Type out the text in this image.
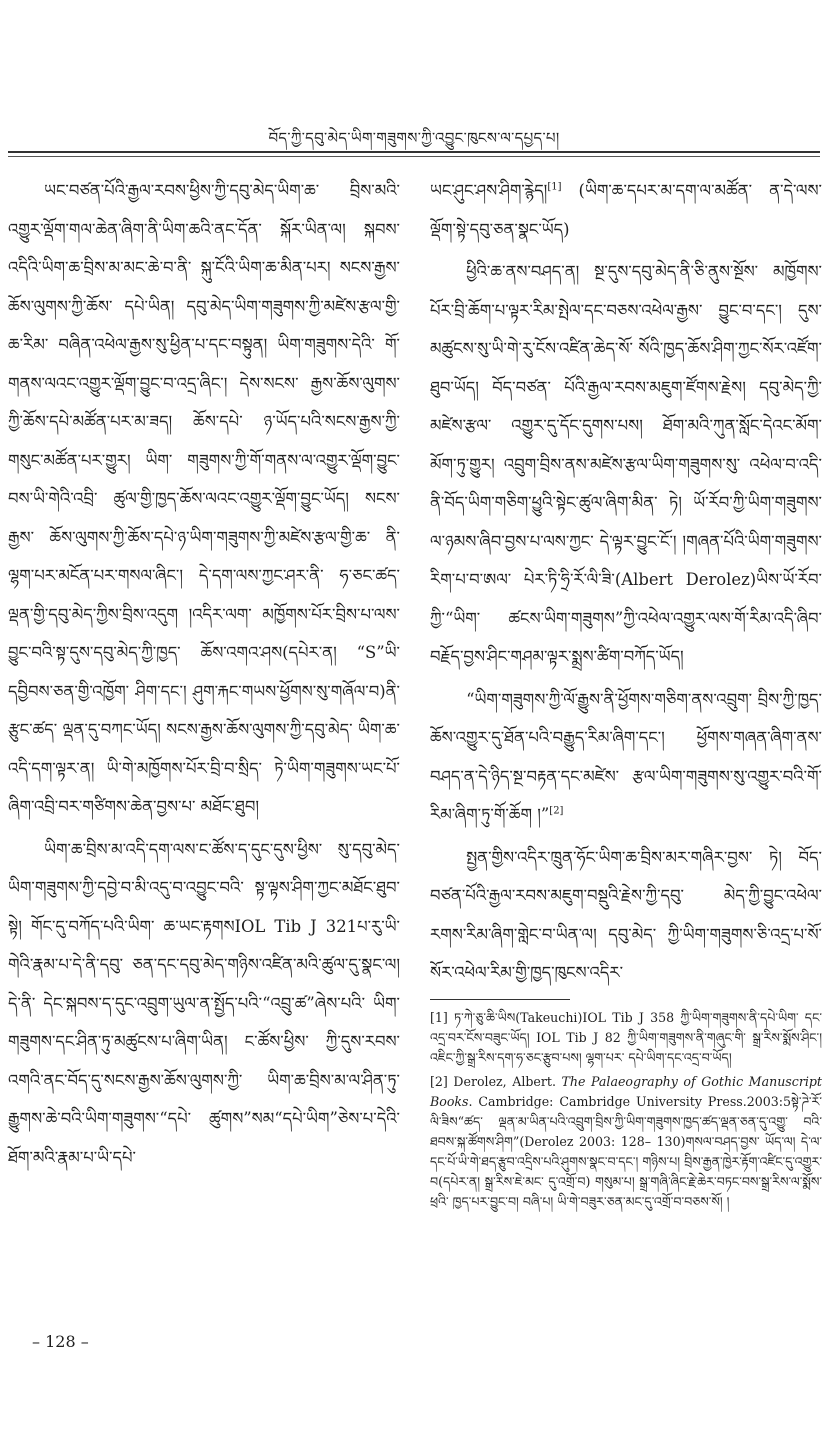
བོད་ཀྱི་དབུ་མེད་ཡིག་གཟུགས་ཀྱི་འབྱུང་ཁུངས་ལ་དཔྱད་པ།

ཡང་བཙན་པོའི་རྒྱལ་རབས་ཕྱིས་ཀྱི་དབུ་མེད་ཡིག་ཆ་ བྲིས་མའི་འགྱུར་ལྡོག་གལ་ཆེན་ཞིག་ནི་ཡིག་ཆའི་ནང་དོན་ སྐོར་ཡིན་ལ། སྐབས་འདིའི་ཡིག་ཆ་བྲིས་མ་མང་ཆེ་བ་ནི་ སྐུ་ངོའི་ཡིག་ཆ་མིན་པར། སངས་རྒྱས་ཆོས་ལུགས་ཀྱི་ཆོས་ དཔེ་ཡིན། དབུ་མེད་ཡིག་གཟུགས་ཀྱི་མཛེས་རྩལ་གྱི་ཆ་རིམ་ བཞིན་འཕེལ་རྒྱས་སུ་ཕྱིན་པ་དང་བསྟུན། ཡིག་གཟུགས་དེའི་ གོ་གནས་ལའང་འགྱུར་ལྡོག་བྱུང་བ་འདྲ་ཞིང་། དེས་སངས་ རྒྱས་ཆོས་ལུགས་ཀྱི་ཆོས་དཔེ་མཚོན་པར་མ་ཟད། ཆོས་དཔེ་ ཉ་ཡོད་པའི་སངས་རྒྱས་ཀྱི་གསུང་མཚོན་པར་གྱུར། ཡིག་ གཟུགས་ཀྱི་གོ་གནས་ལ་འགྱུར་ལྡོག་བྱུང་བས་ཡི་གེའི་འབྲི་ ཚུལ་གྱི་ཁྱད་ཆོས་ལའང་འགྱུར་ལྡོག་བྱུང་ཡོད། སངས་རྒྱས་ ཆོས་ལུགས་ཀྱི་ཆོས་དཔེ་ཉ་ཡིག་གཟུགས་ཀྱི་མཛེས་རྩལ་གྱི་ཆ་ ནི་ལྷག་པར་མངོན་པར་གསལ་ཞིང་། དེ་དག་ལས་ཀྱང་ཤར་ནི་ ཧ་ཅང་ཚད་ལྡན་གྱི་དབུ་མེད་ཀྱིས་བྲིས་འདུག །འདིར་ལག་ མཁྱོགས་པོར་བྲིས་པ་ལས་བྱུང་བའི་སྟ་དུས་དབུ་མེད་ཀྱི་ཁྱད་ ཆོས་འགའ་ཤས(དཔེར་ན། “S”ཡི་དབྱིབས་ཅན་གྱི་འཁྱོག་ ཤིག་དང་། ཤུག་རྐང་གཡས་ཕྱོགས་སུ་གཞོལ་བ)ནི་རྩུང་ཚད་ ལྡན་དུ་བཀང་ཡོད། སངས་རྒྱས་ཆོས་ལུགས་ཀྱི་དབུ་མེད་ ཡིག་ཆ་འདི་དག་ལྟར་ན། ཡི་གེ་མཁྱོགས་པོར་བྲི་བ་སྲིད་ ཏེ་ཡིག་གཟུགས་ཡང་པོ་ཞིག་འབྲི་བར་གཙིགས་ཆེན་བྱས་པ་ མཐོང་ཐུབ།

ཡིག་ཆ་བྲིས་མ་འདི་དག་ལས་ང་ཚོས་ད་དུང་དུས་ཕྱིས་ སུ་དབུ་མེད་ཡིག་གཟུགས་ཀྱི་དབྱེ་བ་མི་འདུ་བ་འབྱུང་བའི་ སྟ་ལྟས་ཤིག་ཀྱང་མཐོང་ཐུབ་སྟེ། གོང་དུ་བཀོད་པའི་ཡིག་ ཆ་ཡང་རྟགསIOL Tib J 321པ་རུ་ཡི་གེའི་རྣམ་པ་དེ་ནི་དབུ་ ཅན་དང་དབུ་མེད་གཉིས་འཛིན་མའི་ཚུལ་དུ་སྣང་ལ། དེ་ནི་ དེང་སྐབས་ད་དུང་འབྲུག་ཡུལ་ན་སྤྱོད་པའི་“འབྲུ་ཚ”ཞེས་པའི་ ཡིག་གཟུགས་དང་ཤིན་ཏུ་མཚུངས་པ་ཞིག་ཡིན། ང་ཚོས་ཕྱིས་ ཀྱི་དུས་རབས་འགའི་ནང་བོད་དུ་སངས་རྒྱས་ཆོས་ལུགས་ཀྱི་ ཡིག་ཆ་བྲིས་མ་ལ་ཤིན་ཏུ་རྒྱུགས་ཆེ་བའི་ཡིག་གཟུགས་“དཔེ་ ཚུགས”སམ“དཔེ་ཡིག”ཅེས་པ་དེའི་ཐོག་མའི་རྣམ་པ་ཡི་དཔེ་

ཡང་ཤུང་ཤས་ཤིག་རྙེད།[1] (ཡིག་ཆ་དཔར་མ་དག་ལ་མཚོན་ ན་དེ་ལས་ལྡོག་སྟེ་དབུ་ཅན་སྣང་ཡོད)

ཕྱིའི་ཆ་ནས་བཤད་ན། སྔ་དུས་དབུ་མེད་ནི་ཅི་ནུས་སྔོས་ མཁྱོགས་པོར་བྲི་ཆོག་པ་ལྟར་རིམ་སྤེལ་དང་བཅས་འཕེལ་རྒྱས་ བྱུང་བ་དང་། དུས་མཚུངས་སུ་ཡི་གེ་རུ་ངོས་འཛིན་ཆེད་སོ་ སོའི་ཁྱད་ཆོས་ཤིག་ཀྱང་སོར་འཛོག་ཐུབ་ཡོད། བོད་བཙན་ པོའི་རྒྱལ་རབས་མཇུག་ཛོགས་རྗེས། དབུ་མེད་ཀྱི་མཛེས་རྩལ་ འགྱུར་དུ་དོང་དུགས་པས། ཐོག་མའི་ཀུན་སློང་དེའང་མོག་ མོག་ཏུ་གྱུར། འབྲུག་བྲིས་ནས་མཛེས་རྩལ་ཡིག་གཟུགས་སུ་ འཕེལ་བ་འདི་ནི་བོད་ཡིག་གཅིག་ཕྱུའི་སྟེང་ཚུལ་ཞིག་མིན་ ཏེ། ཡོ་རོབ་ཀྱི་ཡིག་གཟུགས་ལ་ཉམས་ཞིབ་བྱས་པ་ལས་ཀྱང་ དེ་ལྟར་བྱུང་ངོ་། །གཞན་པོའི་ཡིག་གཟུགས་རིག་པ་བ་ཨལ་ པེར་ཏི་ཧྲི་རོ་ལི་ཟི་(Albert Derolez)ཡིས་ཡོ་རོབ་ཀྱི་“ཡིག་ ཚངས་ཡིག་གཟུགས”ཀྱི་འཕེལ་འགྱུར་ལས་གོ་རིམ་འདི་ཞིབ་ བརྗོད་བྱས་ཤིང་གཤམ་ལྟར་སྨྲས་ཚིག་བཀོད་ཡོད།

“ཡིག་གཟུགས་ཀྱི་ལོ་རྒྱུས་ནི་ཕྱོགས་གཅིག་ནས་འབྲུག་ བྲིས་ཀྱི་ཁྱད་ཆོས་འགྱུར་དུ་ཐོན་པའི་བརྒྱུད་རིམ་ཞིག་དང་། ཕྱོགས་གཞན་ཞིག་ནས་བཤད་ན་དེ་ཉིད་སྔ་བརྟན་དང་མཛེས་ རྩལ་ཡིག་གཟུགས་སུ་འགྱུར་བའི་གོ་རིམ་ཞིག་ཏུ་གོ་ཆོག །”[2]

སྤྱན་གྱིས་འདིར་ཁྲུན་ཧོང་ཡིག་ཆ་བྲིས་མར་གཞིར་བྱས་ ཏེ། བོད་བཙན་པོའི་རྒྱལ་རབས་མཇུག་བསྡུའི་རྗེས་ཀྱི་དབུ་ མེད་ཀྱི་བྱུང་འཕེལ་རགས་རིམ་ཞིག་གླེང་བ་ཡིན་ལ། དབུ་མེད་ ཀྱི་ཡིག་གཟུགས་ཅི་འདྲ་པ་སོ་སོར་འཕེལ་རིམ་གྱི་ཁྱད་ཁུངས་འདིར་

[1] ཏ་ཀེ་ཅུ་ཆི་ཡིས(Takeuchi)IOL Tib J 358 ཀྱི་ཡིག་གཟུགས་ནི་དཔེ་ཡིག་ དང་འདྲ་བར་ངོས་བཟུང་ཡོད། IOL Tib J 82 ཀྱི་ཡིག་གཟུགས་ནི་གཞུང་གི་ སྒྲ་རིས་སྨོས་ཤིང་། འཇིང་ཀྱི་སྒྲ་རིས་དག་ཧ་ཅང་རྩུབ་པས། ལྷག་པར་ དཔེ་ཡིག་དང་འདྲ་བ་ཡོད།

[2] Derolez, Albert. The Palaeography of Gothic Manuscript Books. Cambridge: Cambridge University Press.2003:5སྟེ་ཌེ་རོ་ལི་ཟིས“ཚད་ ལྡན་མ་ཡིན་པའི་འབྲུག་བྲིས་ཀྱི་ཡིག་གཟུགས་ཁྱད་ཚད་ལྡན་ཅན་དུ་འགྱུ་ བའི་ཐབས་སྐ་ཚོགས་ཤིག”(Derolez 2003: 128– 130)གསལ་བཤད་བྱས་ ཡོད་ལ། དེ་ལ་དང་པོ་ཡི་གེ་ཐད་རྩུབ་འདྲིས་པའི་ཤུགས་སྣང་བ་དང་། གཉིས་པ། བྲིས་རྒྱན་ཁྱེར་རྟོག་འཛིང་དུ་འགྱུར་བ(དཔེར་ན། སྒྲ་རིས་ཇེ་མང་ དུ་འགྲོ་བ) གསུམ་པ། སྒྲ་གཞི་ཞིང་རྗེ་ཆེར་བཏང་བས་སྒྲ་རིས་ལ་སྨོས་ཕྲའི་ ཁྱད་པར་བྱུང་བ། བཞི་པ། ཡི་གེ་བཟུར་ཅན་མང་དུ་འགྲོ་བ་བཅས་སོ། །

– 128 –
